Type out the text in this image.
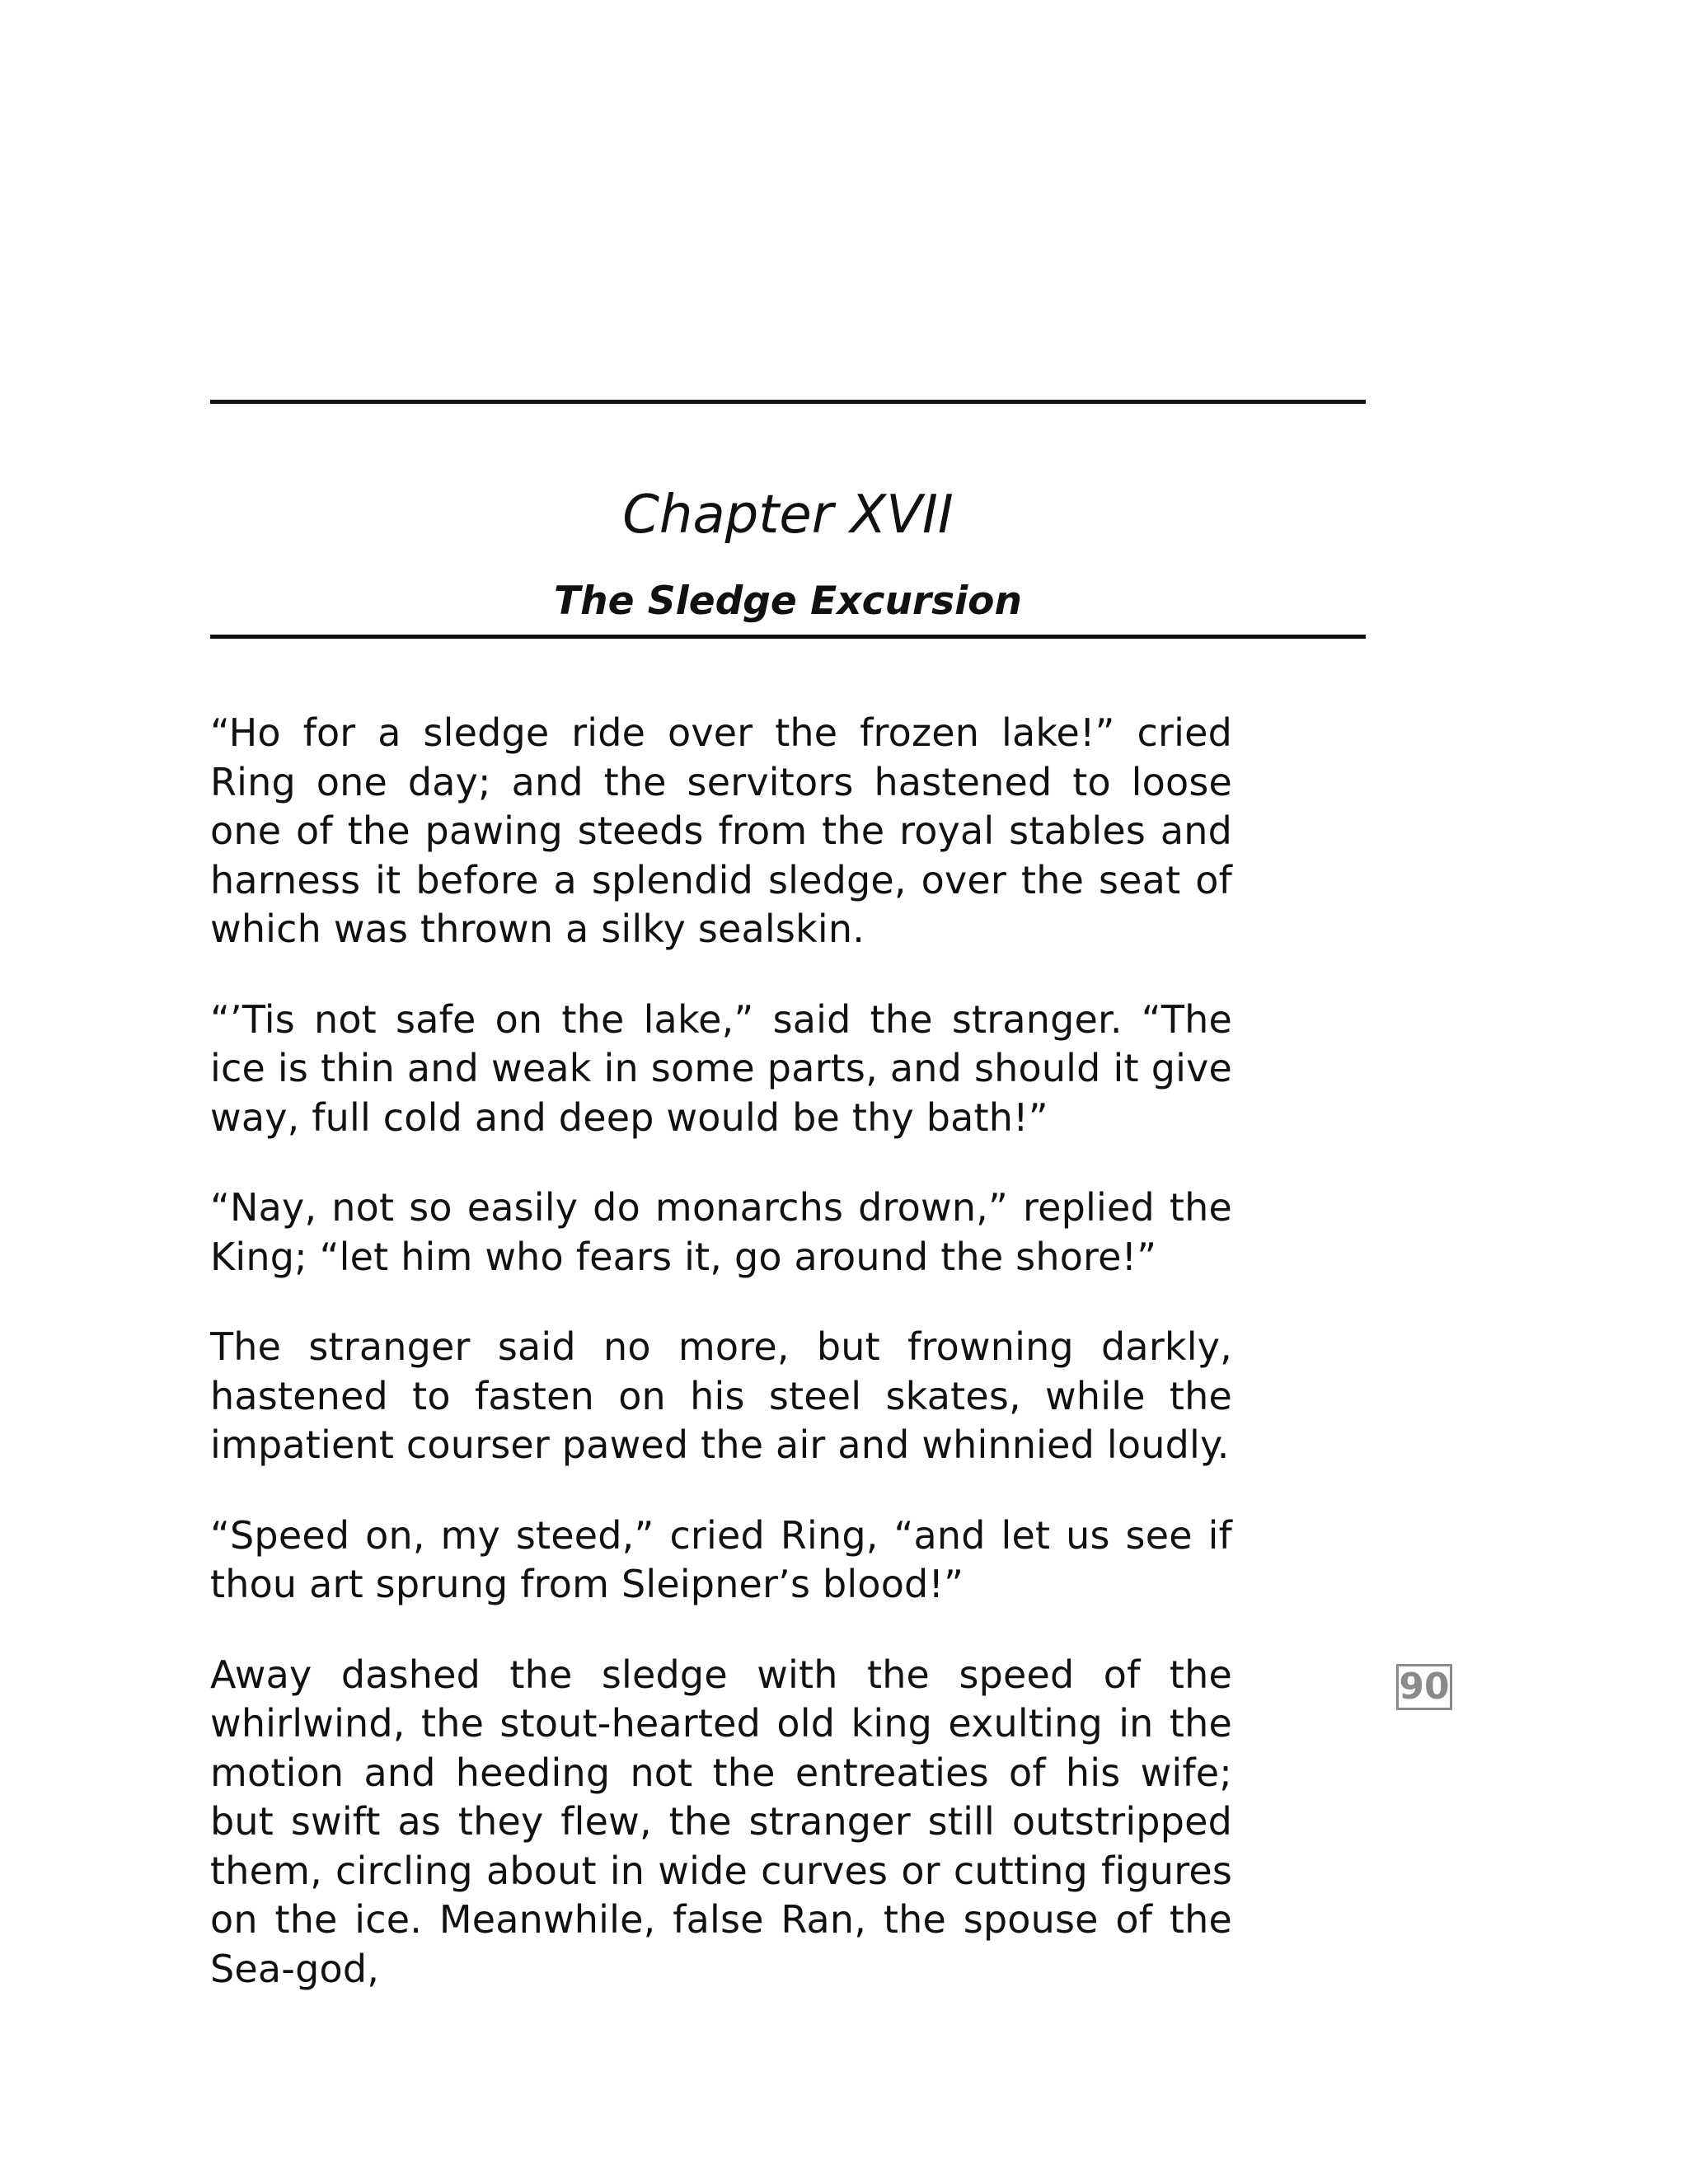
Chapter XVII
The Sledge Excursion

“Ho for a sledge ride over the frozen lake!” cried Ring one day; and the servitors hastened to loose one of the pawing steeds from the royal stables and harness it before a splendid sledge, over the seat of which was thrown a silky sealskin.

“’Tis not safe on the lake,” said the stranger. “The ice is thin and weak in some parts, and should it give way, full cold and deep would be thy bath!”

“Nay, not so easily do monarchs drown,” replied the King; “let him who fears it, go around the shore!”

The stranger said no more, but frowning darkly, hastened to fasten on his steel skates, while the impatient courser pawed the air and whinnied loudly.

“Speed on, my steed,” cried Ring, “and let us see if thou art sprung from Sleipner’s blood!”

Away dashed the sledge with the speed of the whirlwind, the stout-hearted old king exulting in the motion and heeding not the entreaties of his wife; but swift as they flew, the stranger still outstripped them, circling about in wide curves or cutting figures on the ice. Meanwhile, false Ran, the spouse of the Sea-god,

90
